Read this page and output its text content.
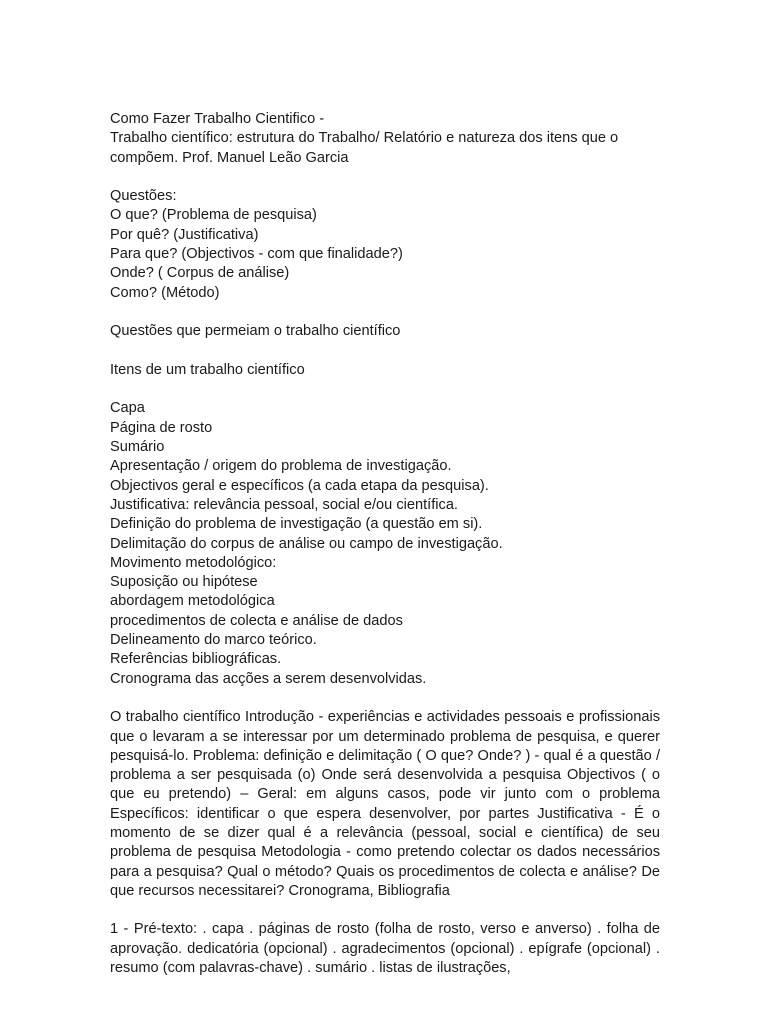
Como Fazer Trabalho Cientifico -
Trabalho científico: estrutura do Trabalho/ Relatório e natureza dos itens que o
compõem. Prof. Manuel Leão Garcia
Questões:
O que? (Problema de pesquisa)
Por quê? (Justificativa)
Para que? (Objectivos - com que finalidade?)
Onde? ( Corpus de análise)
Como? (Método)
Questões que permeiam o trabalho científico
Itens de um trabalho científico
Capa
Página de rosto
Sumário
Apresentação / origem do problema de investigação.
Objectivos geral e específicos (a cada etapa da pesquisa).
Justificativa: relevância pessoal, social e/ou científica.
Definição do problema de investigação (a questão em si).
Delimitação do corpus de análise ou campo de investigação.
Movimento metodológico:
Suposição ou hipótese
abordagem metodológica
procedimentos de colecta e análise de dados
Delineamento do marco teórico.
Referências bibliográficas.
Cronograma das acções a serem desenvolvidas.

O trabalho científico Introdução - experiências e actividades pessoais e profissionais que o levaram a se interessar por um determinado problema de pesquisa, e querer pesquisá-lo. Problema: definição e delimitação ( O que? Onde? ) - qual é a questão / problema a ser pesquisada (o) Onde será desenvolvida a pesquisa Objectivos ( o que eu pretendo) – Geral: em alguns casos, pode vir junto com o problema Específicos: identificar o que espera desenvolver, por partes Justificativa - É o momento de se dizer qual é a relevância (pessoal, social e científica) de seu problema de pesquisa Metodologia - como pretendo colectar os dados necessários para a pesquisa? Qual o método? Quais os procedimentos de colecta e análise? De que recursos necessitarei? Cronograma, Bibliografia

1 - Pré-texto: . capa . páginas de rosto (folha de rosto, verso e anverso) . folha de aprovação. dedicatória (opcional) . agradecimentos (opcional) . epígrafe (opcional) . resumo (com palavras-chave) . sumário . listas de ilustrações,
